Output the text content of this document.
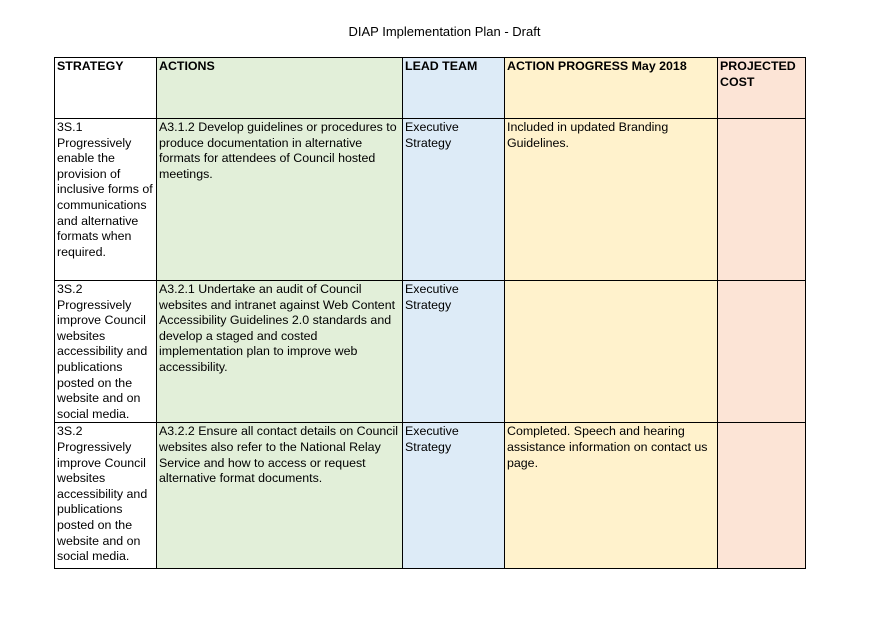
DIAP Implementation Plan - Draft
STRATEGY	ACTIONS	LEAD TEAM	ACTION PROGRESS May 2018	PROJECTED COST
3S.1 Progressively enable the provision of inclusive forms of communications and alternative formats when required.	A3.1.2 Develop guidelines or procedures to produce documentation in alternative formats for attendees of Council hosted meetings.	Executive Strategy	Included in updated Branding Guidelines.	
3S.2 Progressively improve Council websites accessibility and publications posted on the website and on social media.	A3.2.1 Undertake an audit of Council websites and intranet against Web Content Accessibility Guidelines 2.0 standards and develop a staged and costed implementation plan to improve web accessibility.	Executive Strategy		
3S.2 Progressively improve Council websites accessibility and publications posted on the website and on social media.	A3.2.2 Ensure all contact details on Council websites also refer to the National Relay Service and how to access or request alternative format documents.	Executive Strategy	Completed. Speech and hearing assistance information on contact us page.	
